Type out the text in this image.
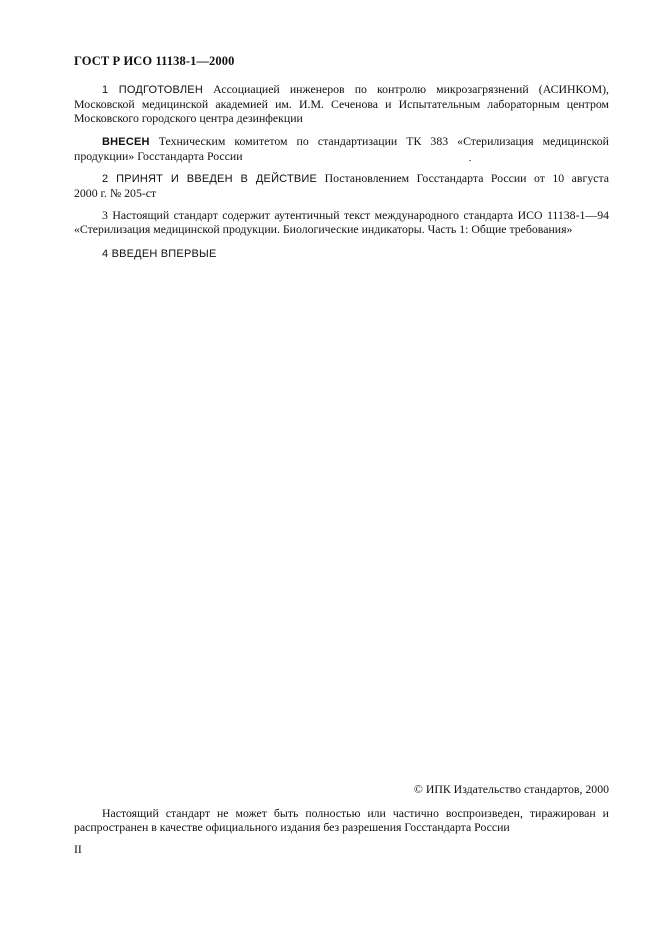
ГОСТ Р ИСО 11138-1—2000
1 ПОДГОТОВЛЕН Ассоциацией инженеров по контролю микрозагрязнений (АСИНКОМ),
Московской медицинской академией им. И.М. Сеченова и Испытательным лабораторным центром
Московского городского центра дезинфекции
ВНЕСЕН Техническим комитетом по стандартизации ТК 383 «Стерилизация медицинской
продукции» Госстандарта России
2 ПРИНЯТ И ВВЕДЕН В ДЕЙСТВИЕ Постановлением Госстандарта России от 10 августа
2000 г. № 205-ст
3 Настоящий стандарт содержит аутентичный текст международного стандарта ИСО 11138-1—94
«Стерилизация медицинской продукции. Биологические индикаторы. Часть 1: Общие требования»
4 ВВЕДЕН ВПЕРВЫЕ
© ИПК Издательство стандартов, 2000
Настоящий стандарт не может быть полностью или частично воспроизведен, тиражирован и
распространен в качестве официального издания без разрешения Госстандарта России
II
